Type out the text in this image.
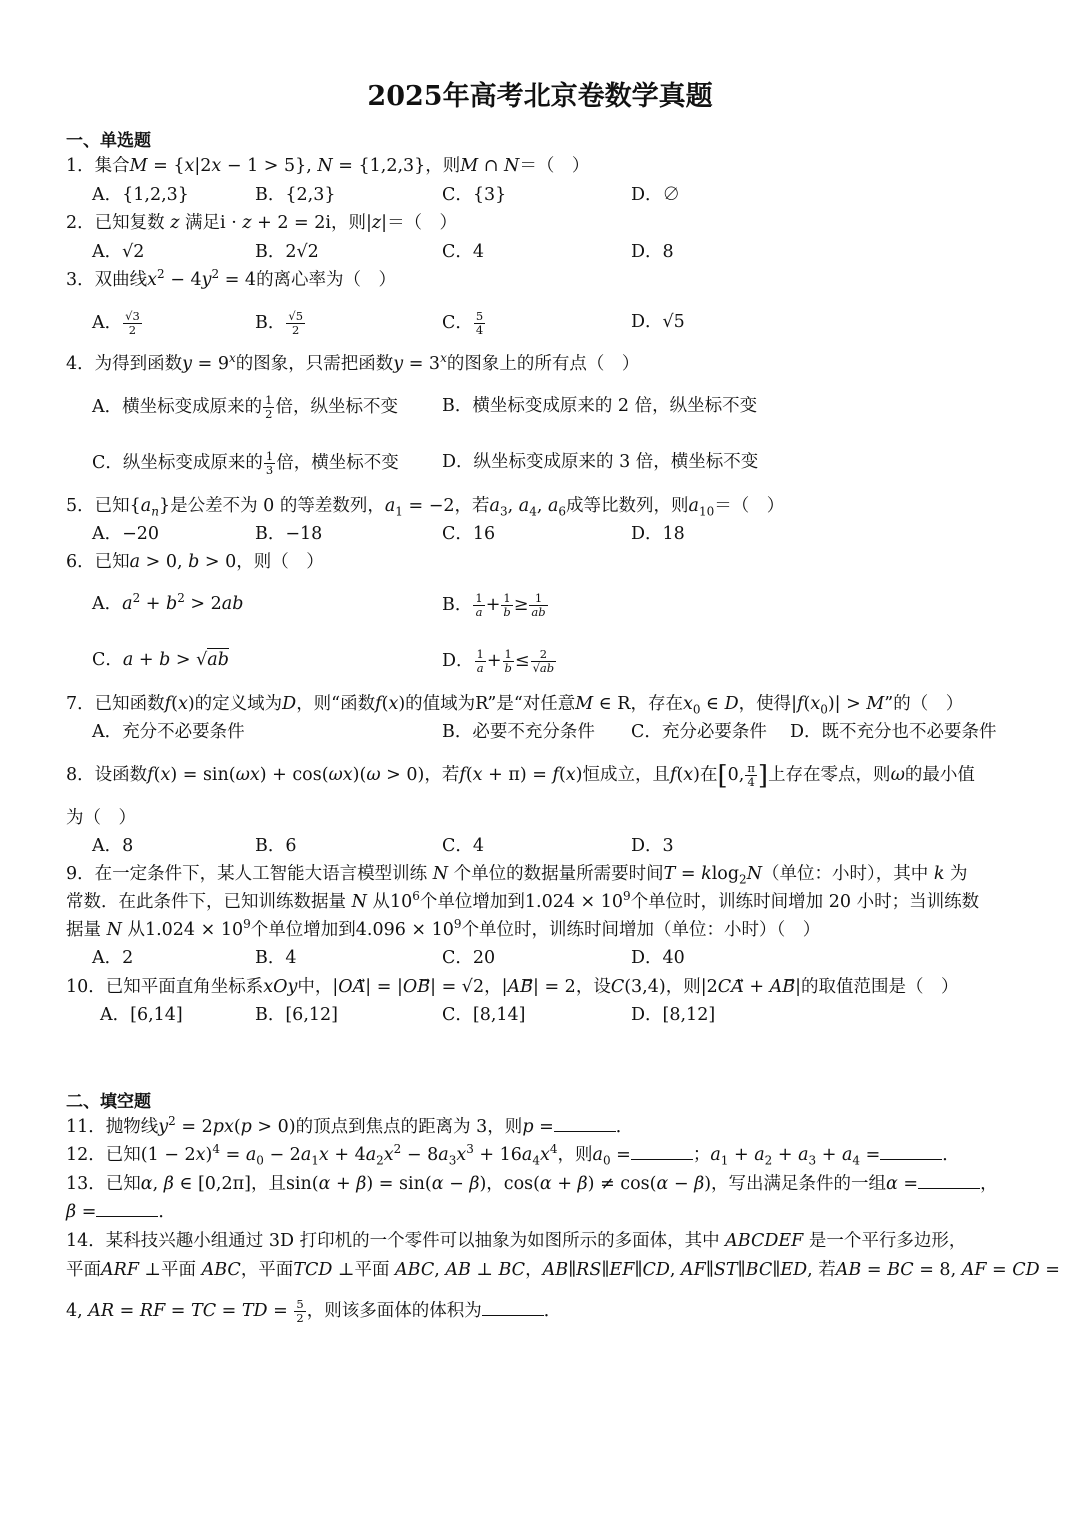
2025年高考北京卷数学真题
一、单选题
1．集合M = {x|2x − 1 > 5}, N = {1,2,3}，则M ∩ N＝（　）
A．{1,2,3}	B．{2,3}	C．{3}	D．∅
2．已知复数 z 满足i · z + 2 = 2i，则|z|＝（　）
A．√2	B．2√2	C．4	D．8
3．双曲线$x^2 - 4y^2 = 4$的离心率为（　）
A． $\frac{√3}{2}$	B． $\frac{√5}{2}$	C． $\frac{5}{4}$	D．√5
4．为得到函数$y = 9^x$的图象，只需把函数$y = 3^x$的图象上的所有点（　）
A．横坐标变成原来的 $\frac{1}{2}$ 倍，纵坐标不变	B．横坐标变成原来的 2 倍，纵坐标不变
C．纵坐标变成原来的 $\frac{1}{3}$ 倍，横坐标不变 D．纵坐标变成原来的 3 倍，横坐标不变
5．已知$\{a_n\}$是公差不为 0 的等差数列，$a_1 = -2$，若$a_3$, $a_4$, $a_6$成等比数列，则$a_{10}=$（　）
A．−20	B．−18	C．16	D．18
6．已知a > 0, b > 0，则（　）
A．$a^2 + b^2 > 2ab$	B． $\frac{1}{a} + \frac{1}{b} \ge \frac{1}{ab}$
C．a + b > √ab	D． $\frac{1}{a} + \frac{1}{b} \le \frac{2}{√ab}$
7．已知函数f(x)的定义域为D，则“函数f(x)的值域为R”是“对任意M ∈ R，存在$x_0$ ∈ D，使得$|f(x_0)| > M$”的（　）
A．充分不必要条件	B．必要不充分条件 C．充分必要条件 D．既不充分也不必要条件
8．设函数f(x) = sin(ωx) + cos(ωx)(ω > 0)，若f(x + π) = f(x)恒成立，且f(x)在[0, $\frac{\pi}{4}$ ]上存在零点，则ω的最小值
为（　）
A．8	B．6	C．4	D．3
9．在一定条件下，某人工智能大语言模型训练 N 个单位的数据量所需要时间T = klog$_2$N（单位：小时），其中 k 为
常数．在此条件下，已知训练数据量 N 从$10^6$个单位增加到$1.024 \times 10^9$个单位时，训练时间增加 20 小时；当训练数
据量 N 从$1.024 \times 10^9$个单位增加到$4.096 \times 10^9$个单位时，训练时间增加（单位：小时）（　）
A．2	B．4	C．20	D．40
10．已知平面直角坐标系xOy中，|OA⃗| = |OB⃗| = √2，|AB⃗| = 2，设C(3,4)，则|2CA⃗ + AB⃗|的取值范围是（　）
A．[6,14]	B．[6,12]	C．[8,14]	D．[8,12]
二、填空题
11．抛物线$y^2 = 2px(p > 0)$的顶点到焦点的距离为 3，则p =	．
12．已知$(1 - 2x)^4 = a_0 - 2a_1x + 4a_2x^2 - 8a_3x^3 + 16a_4x^4$，则$a_0$ =	；$a_1 + a_2 + a_3 + a_4$ =	．
13．已知α, β ∈ [0,2π]，且sin(α + β) = sin(α − β)，cos(α + β) ≠ cos(α − β)，写出满足条件的一组α =	，
β =	．
14．某科技兴趣小组通过 3D 打印机的一个零件可以抽象为如图所示的多面体，其中 ABCDEF 是一个平行多边形，
平面ARF ⊥平面 ABC，平面TCD ⊥平面 ABC, AB ⊥ BC，AB∥RS∥EF∥CD, AF∥ST∥BC∥ED, 若AB = BC = 8, AF = CD =
4, AR = RF = TC = TD = $\frac{5}{2}$ ，则该多面体的体积为	．
